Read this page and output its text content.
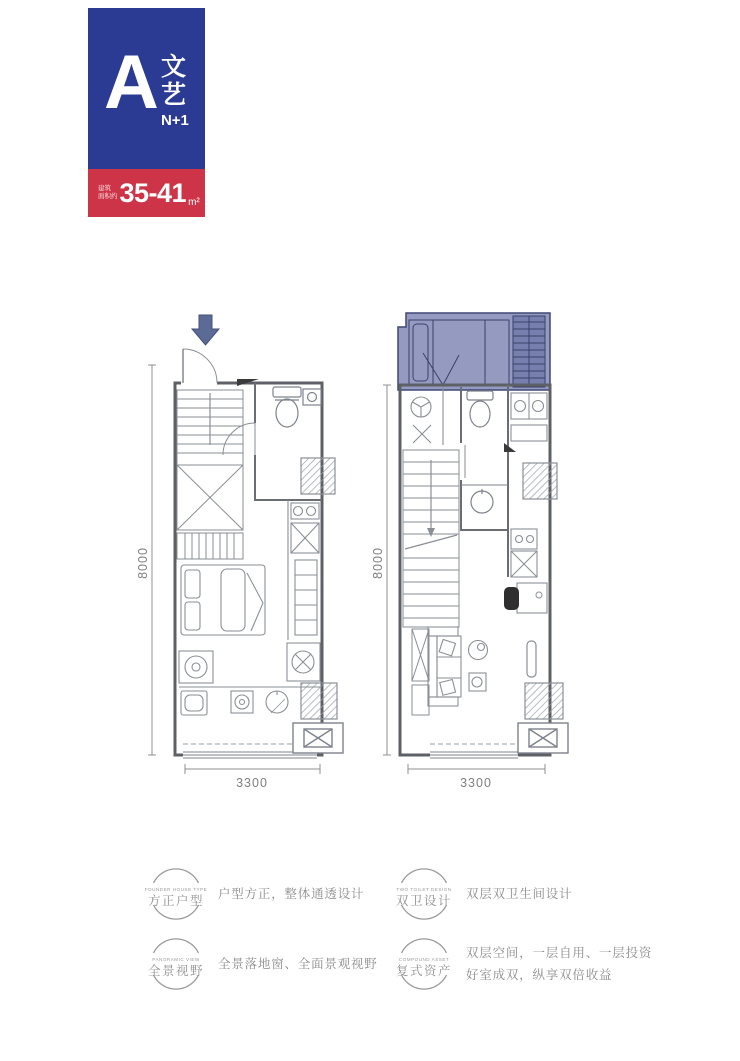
A 文艺
N+1
建筑
面积约 35-41 m²
8000
3300
8000
3300
FOUNDER HOUSE TYPE
方正户型 户型方正，整体通透设计	TWO TOILET DESIGN
双卫设计 双层双卫生间设计
PANORAMIC VIEW
全景视野 全景落地窗、全面景观视野	COMPOUND ASSET
复式资产
双层空间，一层自用、一层投资
好室成双，纵享双倍收益
